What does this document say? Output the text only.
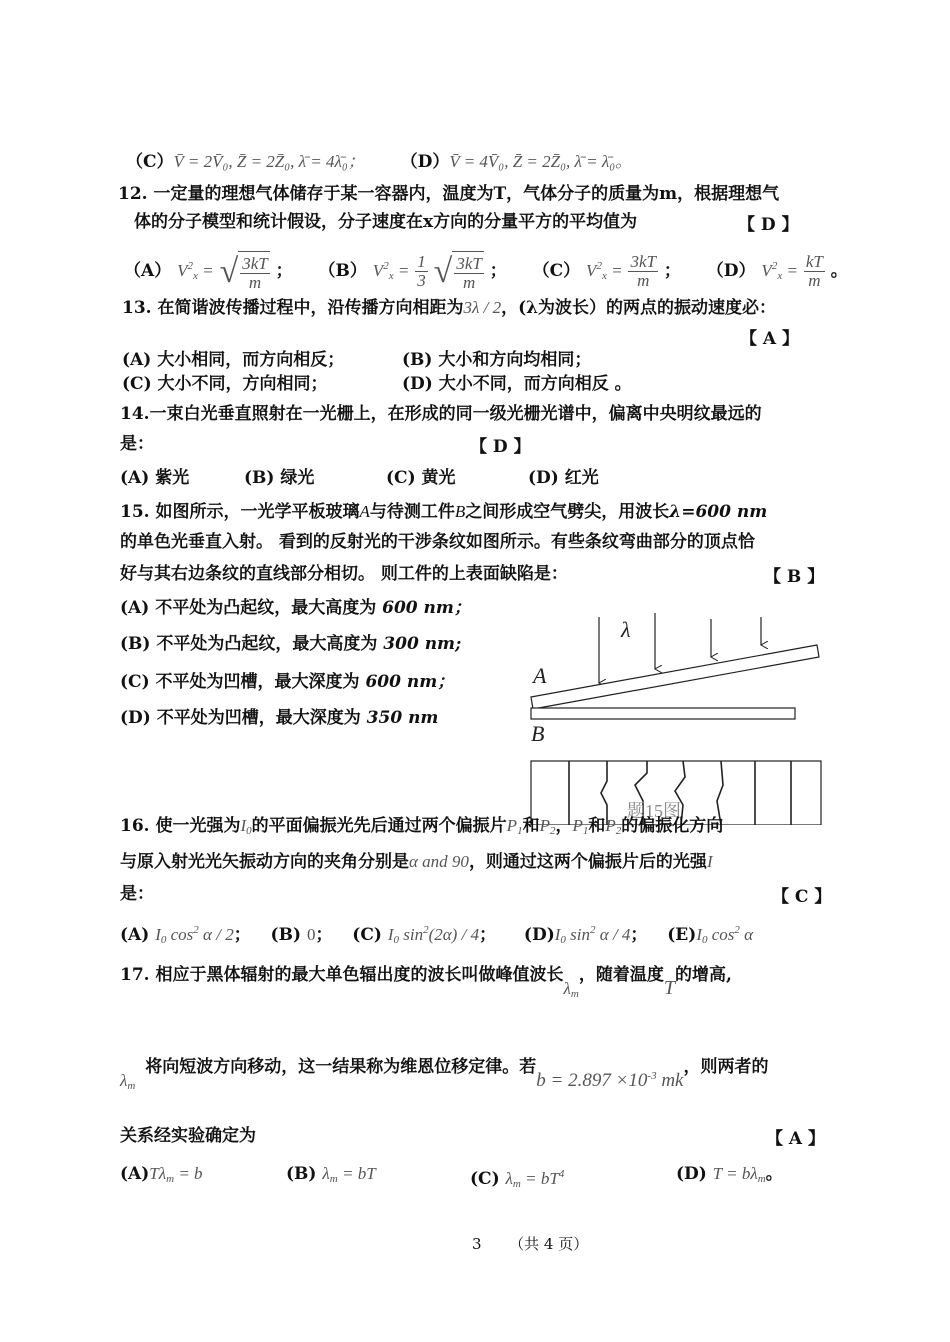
（C）V̄ = 2V̄₀, Z̄ = 2Z̄₀, λ̄ = 4λ̄₀； （D）V̄ = 4V̄₀, Z̄ = 2Z̄₀, λ̄ = λ̄₀。
12. 一定量的理想气体储存于某一容器内，温度为T，气体分子的质量为m，根据理想气
体的分子模型和统计假设，分子速度在x方向的分量平方的平均值为	【 D 】
（A） $V^2_x$ = √ $\frac{3kT}{m}$ ； （B） $V^2_x = \frac{1}{3}$ √ $\frac{3kT}{m}$ ； （C） $V^2_x = \frac{3kT}{m}$ ； （D） $V^2_x = \frac{kT}{m}$ 。
13. 在简谐波传播过程中，沿传播方向相距为3λ / 2，(λ为波长）的两点的振动速度必：
【 A 】
(A) 大小相同，而方向相反；	(B) 大小和方向均相同；
(C) 大小不同，方向相同；	(D) 大小不同，而方向相反 。
14.一束白光垂直照射在一光栅上，在形成的同一级光栅光谱中，偏离中央明纹最远的
是：	【 D 】
(A) 紫光	(B) 绿光	(C) 黄光	(D) 红光
15. 如图所示，一光学平板玻璃A与待测工件B之间形成空气劈尖，用波长λ=600 nm
的单色光垂直入射。 看到的反射光的干涉条纹如图所示。有些条纹弯曲部分的顶点恰
好与其右边条纹的直线部分相切。 则工件的上表面缺陷是：	【 B 】
(A) 不平处为凸起纹，最大高度为 600 nm；
(B) 不平处为凸起纹，最大高度为 300 nm;
(C) 不平处为凹槽，最大深度为 600 nm；
(D) 不平处为凹槽，最大深度为 350 nm
λ
A
B
题15图
16. 使一光强为$I_0$的平面偏振光先后通过两个偏振片$P_1$和$P_2$，$P_1$和$P_2$的偏振化方向
与原入射光光矢振动方向的夹角分别是α and 90，则通过这两个偏振片后的光强I
是：	【 C 】
(A) $I_0$ $\cos^2 \alpha / 2$； (B) 0； (C) $I_0$ $\sin^2(2\alpha) / 4$； $(D)I_0$ $\sin^2 \alpha / 4$； $(E)I_0$ $\cos^2 \alpha$
17. 相应于黑体辐射的最大单色辐出度的波长叫做峰值波长$\lambda_m$，随着温度T的增高,
$\lambda_m$ 将向短波方向移动，这一结果称为维恩位移定律。若$b = 2.897 \times 10^{-3}$ mk，则两者的
关系经实验确定为	【 A 】
$(A)T\lambda_m = b$	(B) $\lambda_m$ = bT	(C) $\lambda_m = bT^4$	(D) $T = b\lambda_m$。
3 （共 4 页）
